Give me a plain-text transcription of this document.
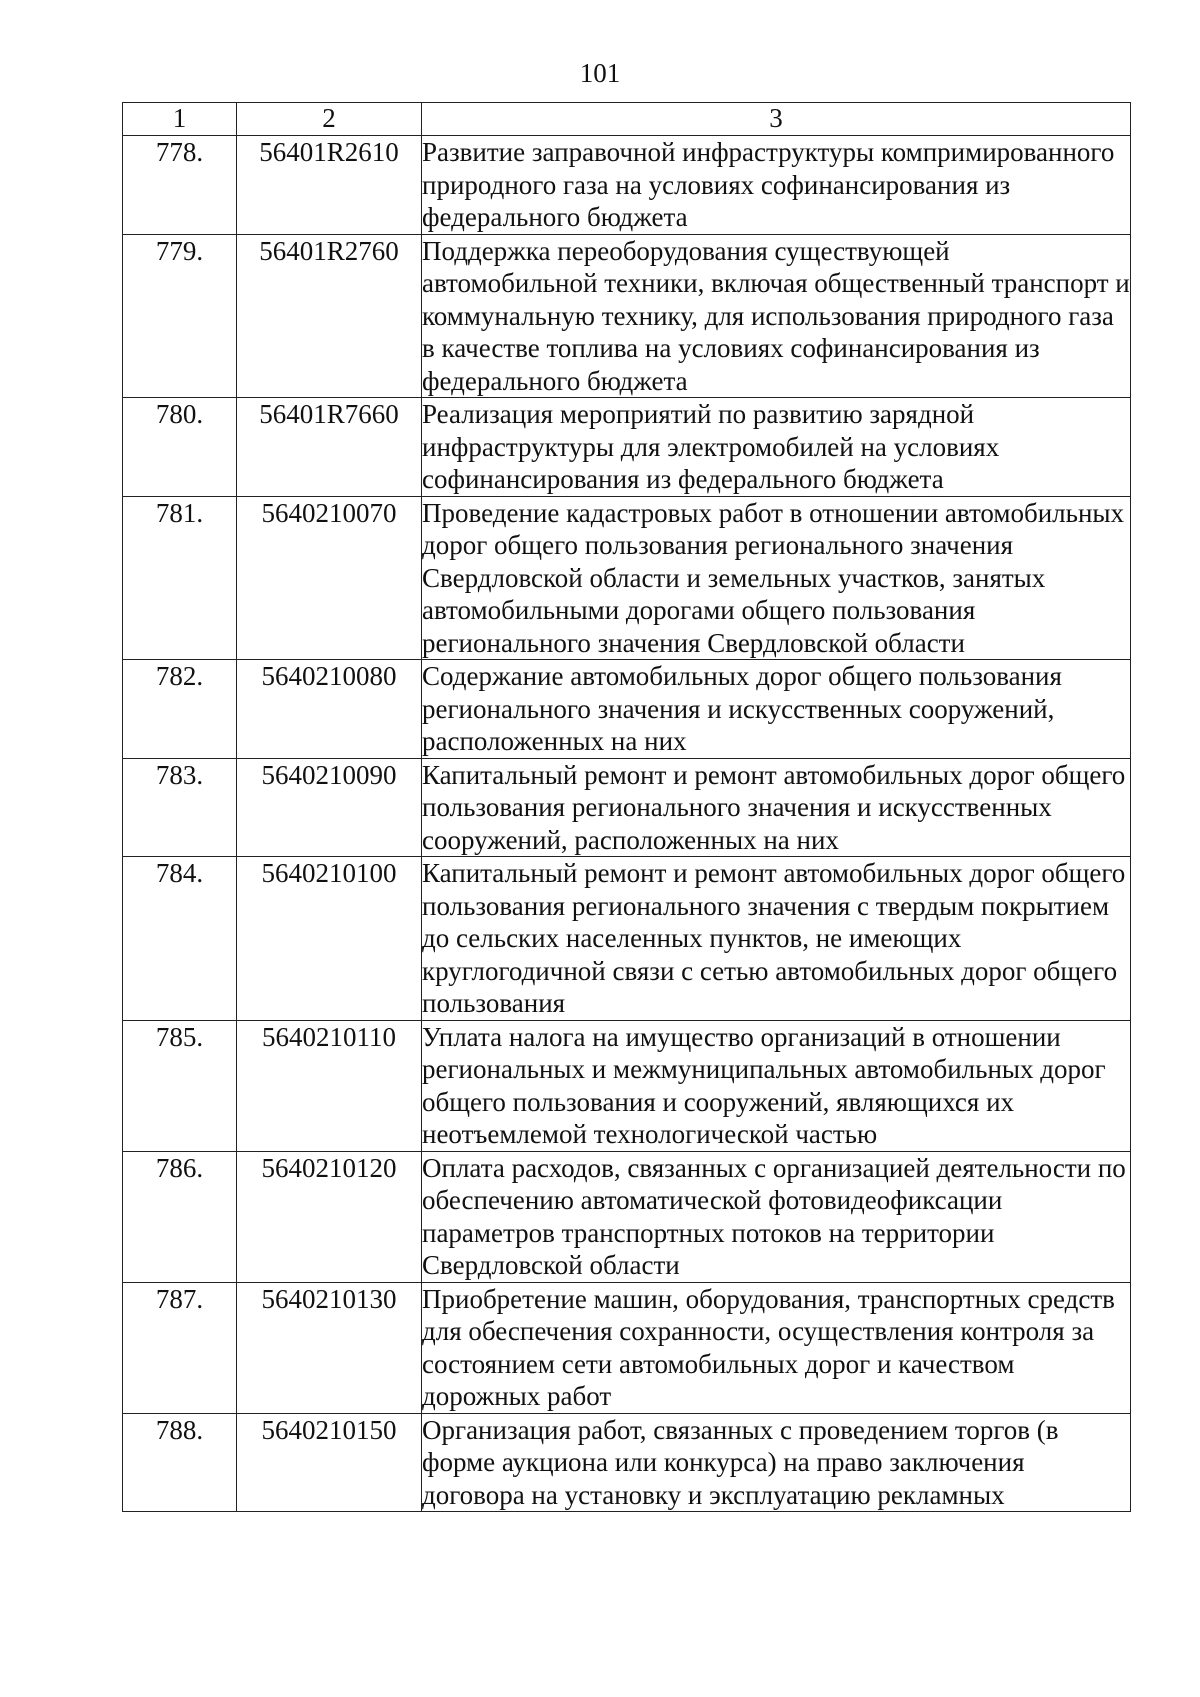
101
1	2	3
778.	56401R2610	Развитие заправочной инфраструктуры компримированного природного газа на условиях софинансирования из федерального бюджета
779.	56401R2760	Поддержка переоборудования существующей автомобильной техники, включая общественный транспорт и коммунальную технику, для использования природного газа в качестве топлива на условиях софинансирования из федерального бюджета
780.	56401R7660	Реализация мероприятий по развитию зарядной инфраструктуры для электромобилей на условиях софинансирования из федерального бюджета
781.	5640210070	Проведение кадастровых работ в отношении автомобильных дорог общего пользования регионального значения Свердловской области и земельных участков, занятых автомобильными дорогами общего пользования регионального значения Свердловской области
782.	5640210080	Содержание автомобильных дорог общего пользования регионального значения и искусственных сооружений, расположенных на них
783.	5640210090	Капитальный ремонт и ремонт автомобильных дорог общего пользования регионального значения и искусственных сооружений, расположенных на них
784.	5640210100	Капитальный ремонт и ремонт автомобильных дорог общего пользования регионального значения с твердым покрытием до сельских населенных пунктов, не имеющих круглогодичной связи с сетью автомобильных дорог общего пользования
785.	5640210110	Уплата налога на имущество организаций в отношении региональных и межмуниципальных автомобильных дорог общего пользования и сооружений, являющихся их неотъемлемой технологической частью
786.	5640210120	Оплата расходов, связанных с организацией деятельности по обеспечению автоматической фотовидеофиксации параметров транспортных потоков на территории Свердловской области
787.	5640210130	Приобретение машин, оборудования, транспортных средств для обеспечения сохранности, осуществления контроля за состоянием сети автомобильных дорог и качеством дорожных работ
788.	5640210150	Организация работ, связанных с проведением торгов (в форме аукциона или конкурса) на право заключения договора на установку и эксплуатацию рекламных
